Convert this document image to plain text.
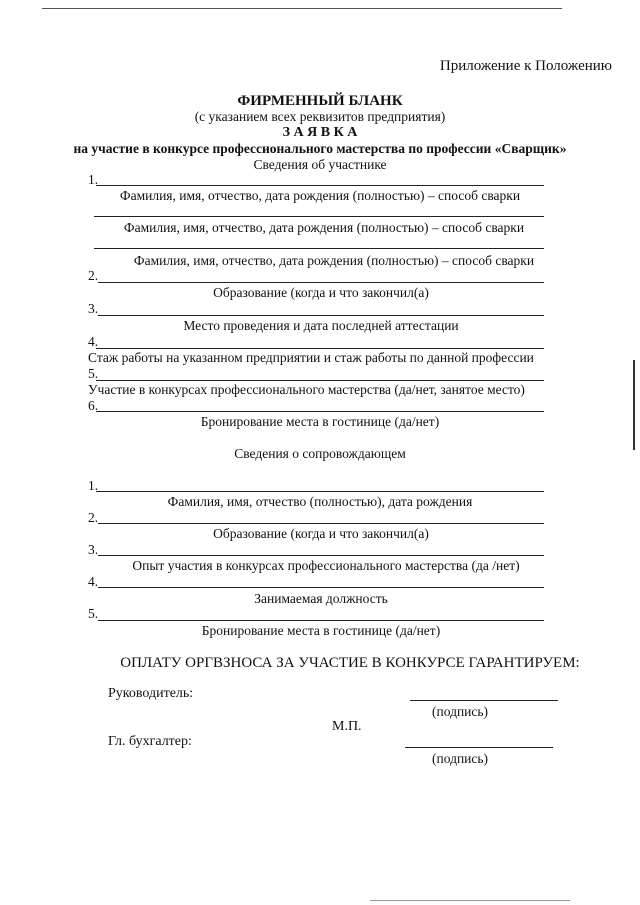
Приложение к Положению
ФИРМЕННЫЙ БЛАНК
(с указанием всех реквизитов предприятия)
З А Я В К А
на участие в конкурсе профессионального мастерства по профессии «Сварщик»
Сведения об участнике
1.
Фамилия, имя, отчество, дата рождения (полностью) – способ сварки
Фамилия, имя, отчество, дата рождения (полностью) – способ сварки
Фамилия, имя, отчество, дата рождения (полностью) – способ сварки
2.
Образование (когда и что закончил(а)
3.
Место проведения и дата последней аттестации
4.
Стаж работы на указанном предприятии и стаж работы по данной профессии
5.
Участие в конкурсах профессионального мастерства (да/нет, занятое место)
6.
Бронирование места в гостинице (да/нет)
Сведения о сопровождающем
1.
Фамилия, имя, отчество (полностью), дата рождения
2.
Образование (когда и что закончил(а)
3.
Опыт участия в конкурсах профессионального мастерства (да /нет)
4.
Занимаемая должность
5.
Бронирование места в гостинице (да/нет)
ОПЛАТУ ОРГВЗНОСА ЗА УЧАСТИЕ В КОНКУРСЕ ГАРАНТИРУЕМ:
Руководитель:
(подпись)
М.П.
Гл. бухгалтер:
(подпись)
